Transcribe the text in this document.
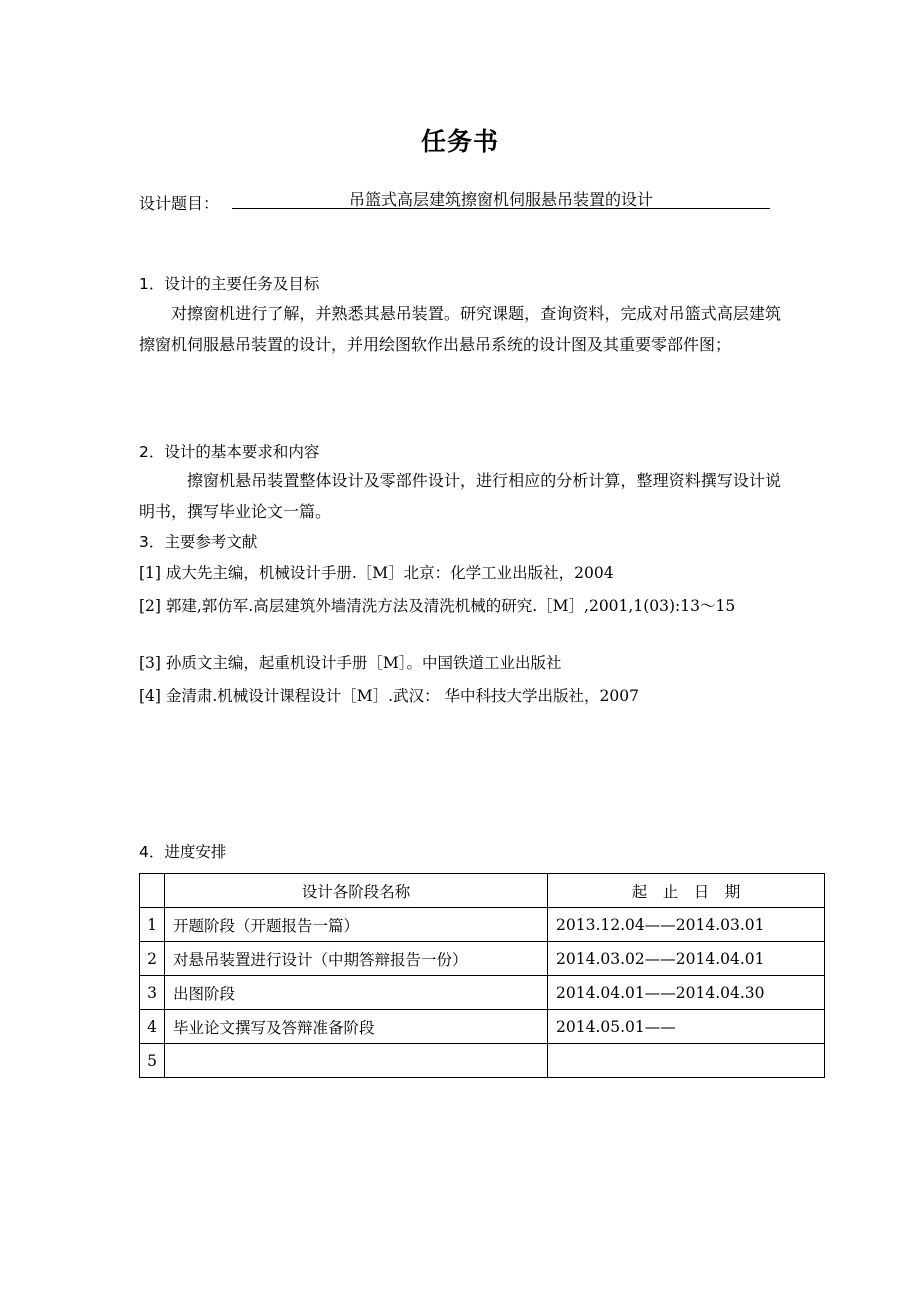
任务书
设计题目：	吊篮式高层建筑擦窗机伺服悬吊装置的设计
1．设计的主要任务及目标
对擦窗机进行了解，并熟悉其悬吊装置。研究课题，查询资料，完成对吊篮式高层建筑擦窗机伺服悬吊装置的设计，并用绘图软作出悬吊系统的设计图及其重要零部件图；
2．设计的基本要求和内容
擦窗机悬吊装置整体设计及零部件设计，进行相应的分析计算，整理资料撰写设计说明书，撰写毕业论文一篇。
3．主要参考文献
[1] 成大先主编，机械设计手册.［M］北京：化学工业出版社，2004
[2] 郭建,郭仿军.高层建筑外墙清洗方法及清洗机械的研究.［M］,2001,1(03):13～15
[3] 孙质文主编，起重机设计手册［M］。中国铁道工业出版社
[4] 金清肃.机械设计课程设计［M］.武汉： 华中科技大学出版社，2007
4．进度安排
	设计各阶段名称	起　止　日　期
1	开题阶段（开题报告一篇）	2013.12.04——2014.03.01
2	对悬吊装置进行设计（中期答辩报告一份）	2014.03.02——2014.04.01
3	出图阶段	2014.04.01——2014.04.30
4	毕业论文撰写及答辩准备阶段	2014.05.01——
5		
